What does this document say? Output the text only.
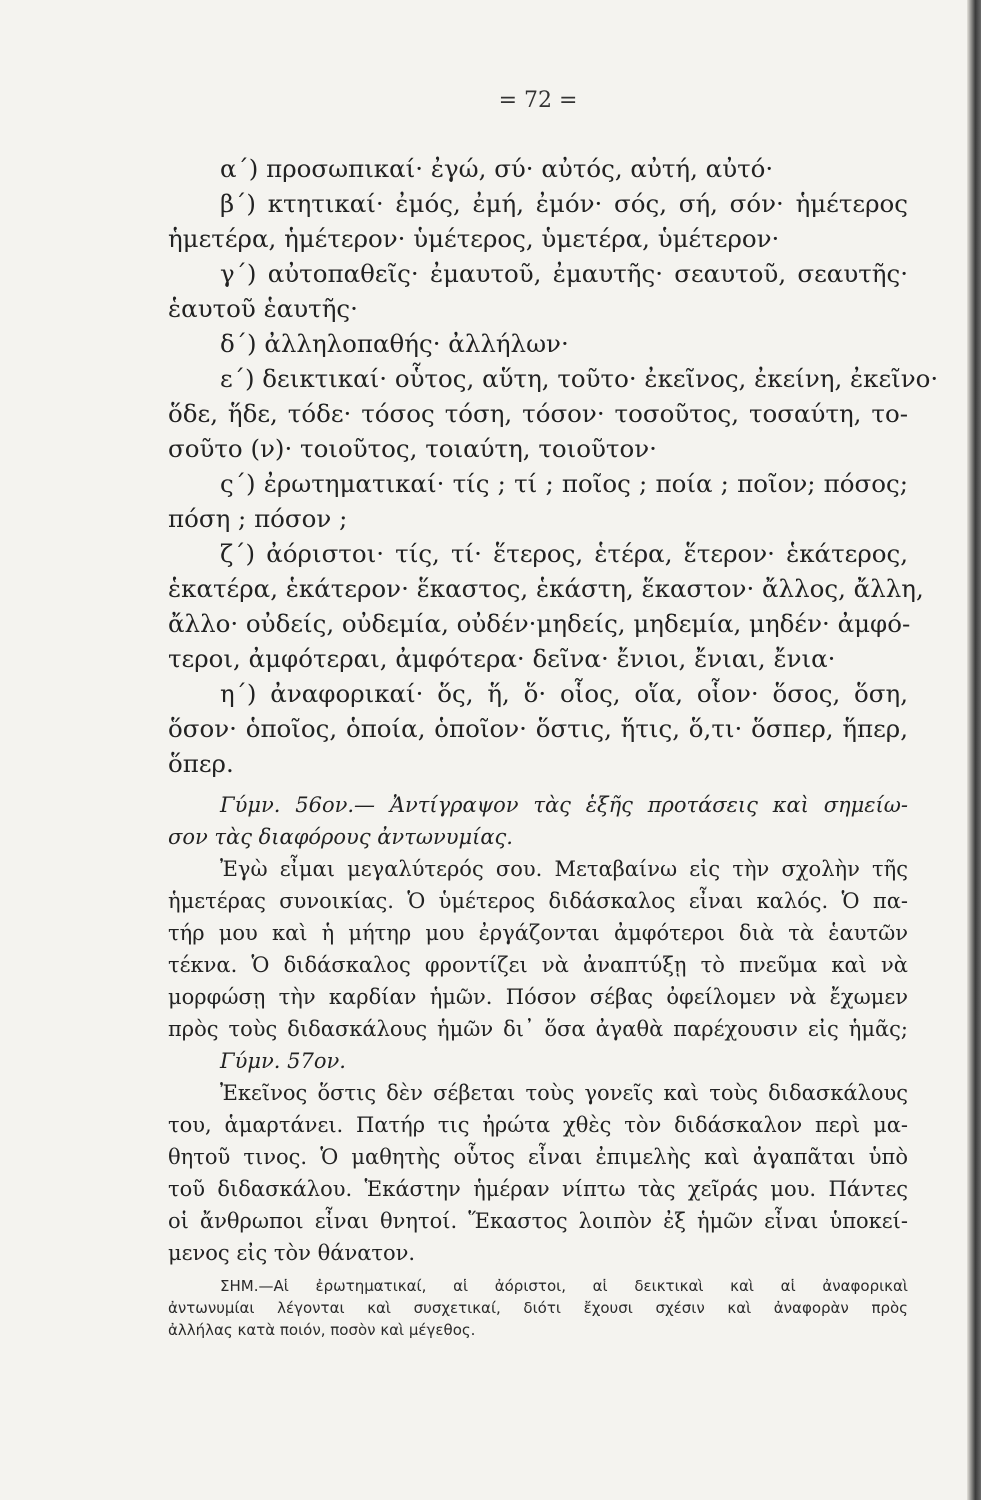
= 72 =

α΄) προσωπικαί· ἐγώ, σύ· αὐτός, αὐτή, αὐτό·

β΄) κτητικαί· ἐμός, ἐμή, ἐμόν· σός, σή, σόν· ἡμέτερος

ἡμετέρα, ἡμέτερον· ὑμέτερος, ὑμετέρα, ὑμέτερον·

γ΄) αὐτοπαθεῖς· ἐμαυτοῦ, ἐμαυτῆς· σεαυτοῦ, σεαυτῆς·

ἑαυτοῦ ἑαυτῆς·

δ΄) ἀλληλοπαθής· ἀλλήλων·

ε΄) δεικτικαί· οὗτος, αὕτη, τοῦτο· ἐκεῖνος, ἐκείνη, ἐκεῖνο·

ὅδε, ἥδε, τόδε· τόσος τόση, τόσον· τοσοῦτος, τοσαύτη, το-

σοῦτο (ν)· τοιοῦτος, τοιαύτη, τοιοῦτον·

ς΄) ἐρωτηματικαί· τίς ; τί ; ποῖος ; ποία ; ποῖον; πόσος;

πόση ; πόσον ;

ζ΄) ἀόριστοι· τίς, τί· ἕτερος, ἑτέρα, ἕτερον· ἑκάτερος,

ἑκατέρα, ἑκάτερον· ἕκαστος, ἑκάστη, ἕκαστον· ἄλλος, ἄλλη,

ἄλλο· οὐδείς, οὐδεμία, οὐδέν·μηδείς, μηδεμία, μηδέν· ἀμφό-

τεροι, ἀμφότεραι, ἀμφότερα· δεῖνα· ἔνιοι, ἔνιαι, ἔνια·

η΄) ἀναφορικαί· ὅς, ἥ, ὅ· οἷος, οἵα, οἷον· ὅσος, ὅση,

ὅσον· ὁποῖος, ὁποία, ὁποῖον· ὅστις, ἥτις, ὅ,τι· ὅσπερ, ἥπερ,

ὅπερ.

Γύμν. 56ον.— Ἀντίγραψον τὰς ἑξῆς προτάσεις καὶ σημείω-

σον τὰς διαφόρους ἀντωνυμίας.

Ἐγὼ εἶμαι μεγαλύτερός σου. Μεταβαίνω εἰς τὴν σχολὴν τῆς

ἡμετέρας συνοικίας. Ὁ ὑμέτερος διδάσκαλος εἶναι καλός. Ὁ πα-

τήρ μου καὶ ἡ μήτηρ μου ἐργάζονται ἀμφότεροι διὰ τὰ ἑαυτῶν

τέκνα. Ὁ διδάσκαλος φροντίζει νὰ ἀναπτύξῃ τὸ πνεῦμα καὶ νὰ

μορφώσῃ τὴν καρδίαν ἡμῶν. Πόσον σέβας ὀφείλομεν νὰ ἔχωμεν

πρὸς τοὺς διδασκάλους ἡμῶν δι᾽ ὅσα ἀγαθὰ παρέχουσιν εἰς ἡμᾶς;

Γύμν. 57ον.

Ἐκεῖνος ὅστις δὲν σέβεται τοὺς γονεῖς καὶ τοὺς διδασκάλους

του, ἁμαρτάνει. Πατήρ τις ἠρώτα χθὲς τὸν διδάσκαλον περὶ μα-

θητοῦ τινος. Ὁ μαθητὴς οὗτος εἶναι ἐπιμελὴς καὶ ἀγαπᾶται ὑπὸ

τοῦ διδασκάλου. Ἑκάστην ἡμέραν νίπτω τὰς χεῖράς μου. Πάντες

οἱ ἄνθρωποι εἶναι θνητοί. Ἕκαστος λοιπὸν ἐξ ἡμῶν εἶναι ὑποκεί-

μενος εἰς τὸν θάνατον.

ΣΗΜ.—Αἱ ἐρωτηματικαί, αἱ ἀόριστοι, αἱ δεικτικαὶ καὶ αἱ ἀναφορικαὶ

ἀντωνυμίαι λέγονται καὶ συσχετικαί, διότι ἔχουσι σχέσιν καὶ ἀναφορὰν πρὸς

ἀλλήλας κατὰ ποιόν, ποσὸν καὶ μέγεθος.
